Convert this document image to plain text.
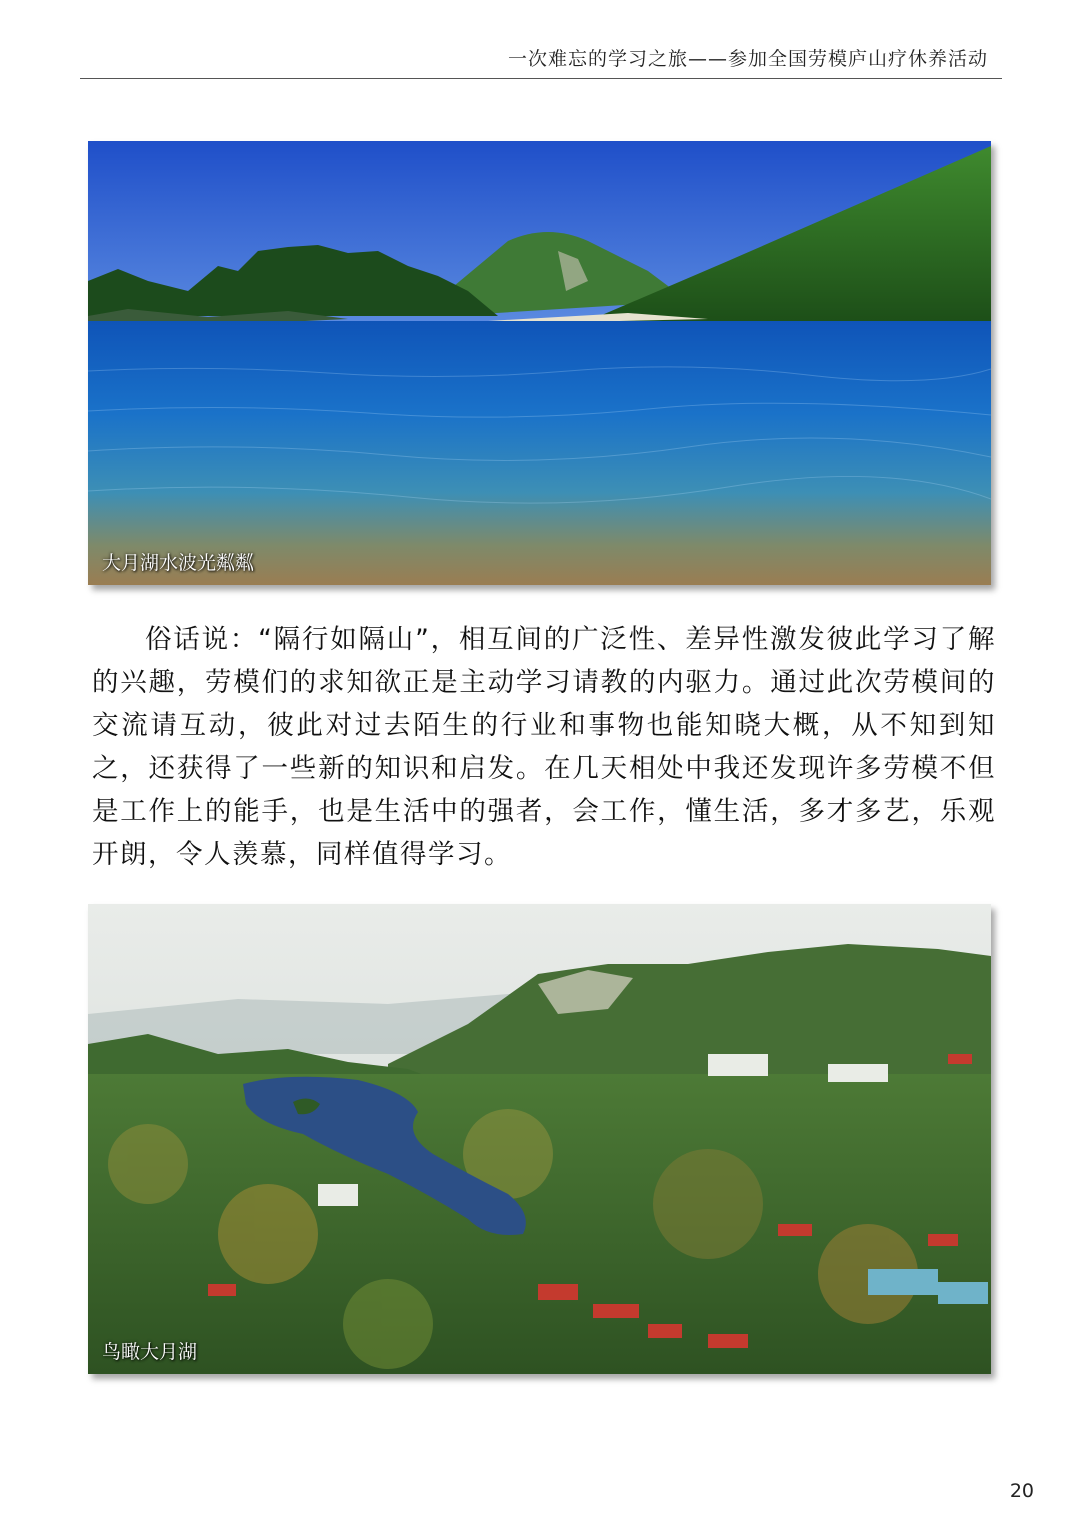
一次难忘的学习之旅——参加全国劳模庐山疗休养活动
大月湖水波光粼粼

俗话说：“隔行如隔山”，相互间的广泛性、差异性激发彼此学习了解的兴趣，劳模们的求知欲正是主动学习请教的内驱力。通过此次劳模间的交流请互动，彼此对过去陌生的行业和事物也能知晓大概，从不知到知之，还获得了一些新的知识和启发。在几天相处中我还发现许多劳模不但是工作上的能手，也是生活中的强者，会工作，懂生活，多才多艺，乐观开朗，令人羡慕，同样值得学习。

鸟瞰大月湖
20
